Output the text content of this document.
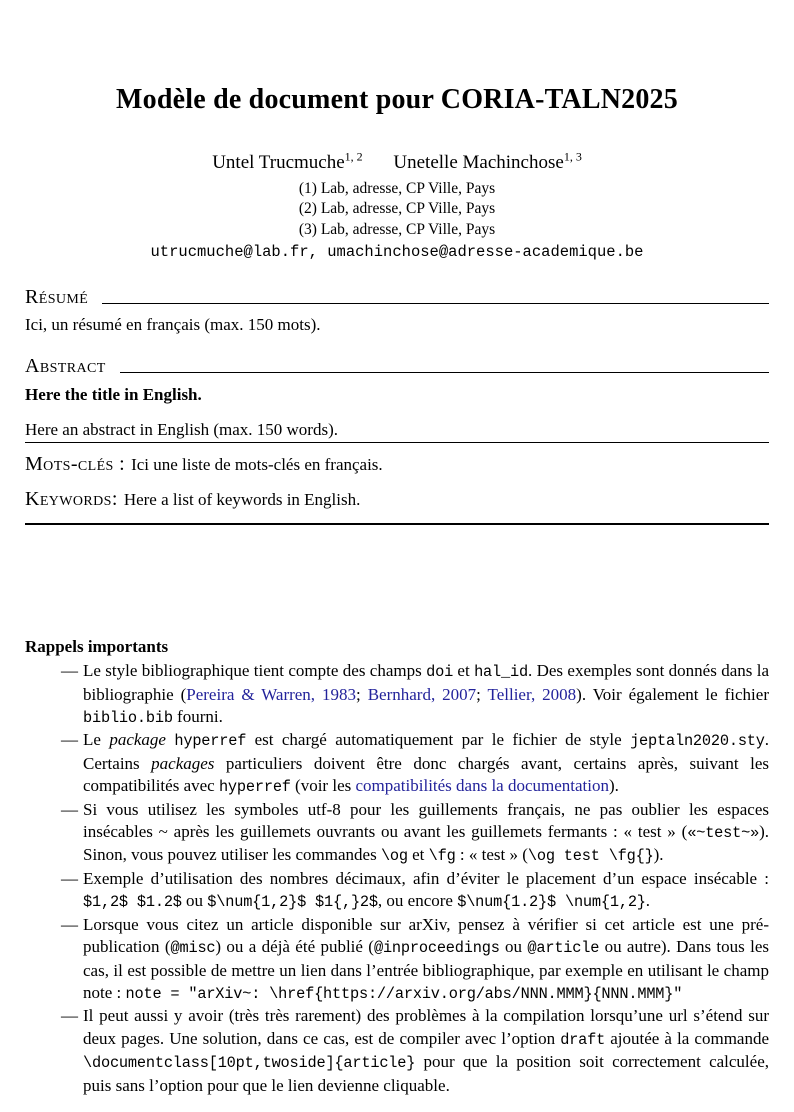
Modèle de document pour CORIA-TALN2025
Untel Trucmuche$^{1, 2}$ Unetelle Machinchose$^{1, 3}$
(1) Lab, adresse, CP Ville, Pays
(2) Lab, adresse, CP Ville, Pays
(3) Lab, adresse, CP Ville, Pays
utrucmuche@lab.fr, umachinchose@adresse-academique.be
Résumé
Ici, un résumé en français (max. 150 mots).
Abstract
Here the title in English.
Here an abstract in English (max. 150 words).
Mots-clés : Ici une liste de mots-clés en français.
Keywords: Here a list of keywords in English.
Rappels importants
— Le style bibliographique tient compte des champs doi et hal_id. Des exemples sont donnés dans la bibliographie (Pereira & Warren, 1983; Bernhard, 2007; Tellier, 2008). Voir également le fichier biblio.bib fourni.
— Le package hyperref est chargé automatiquement par le fichier de style jeptaln2020.sty. Certains packages particuliers doivent être donc chargés avant, certains après, suivant les compatibilités avec hyperref (voir les compatibilités dans la documentation).
— Si vous utilisez les symboles utf-8 pour les guillements français, ne pas oublier les espaces insécables ~ après les guillemets ouvrants ou avant les guillemets fermants : « test » («~test~»). Sinon, vous pouvez utiliser les commandes \og et \fg : « test » (\og test \fg{}).
— Exemple d’utilisation des nombres décimaux, afin d’éviter le placement d’un espace insécable : $1,2$ $1.2$ ou $\num{1,2}$ $1{,}2$, ou encore $\num{1.2}$ \num{1,2}.
— Lorsque vous citez un article disponible sur arXiv, pensez à vérifier si cet article est une pré-publication (@misc) ou a déjà été publié (@inproceedings ou @article ou autre). Dans tous les cas, il est possible de mettre un lien dans l’entrée bibliographique, par exemple en utilisant le champ note : note = "arXiv~: \href{https://arxiv.org/abs/NNN.MMM}{NNN.MMM}"
— Il peut aussi y avoir (très très rarement) des problèmes à la compilation lorsqu’une url s’étend sur deux pages. Une solution, dans ce cas, est de compiler avec l’option draft ajoutée à la commande \documentclass[10pt,twoside]{article} pour que la position soit correctement calculée, puis sans l’option pour que le lien devienne cliquable.
